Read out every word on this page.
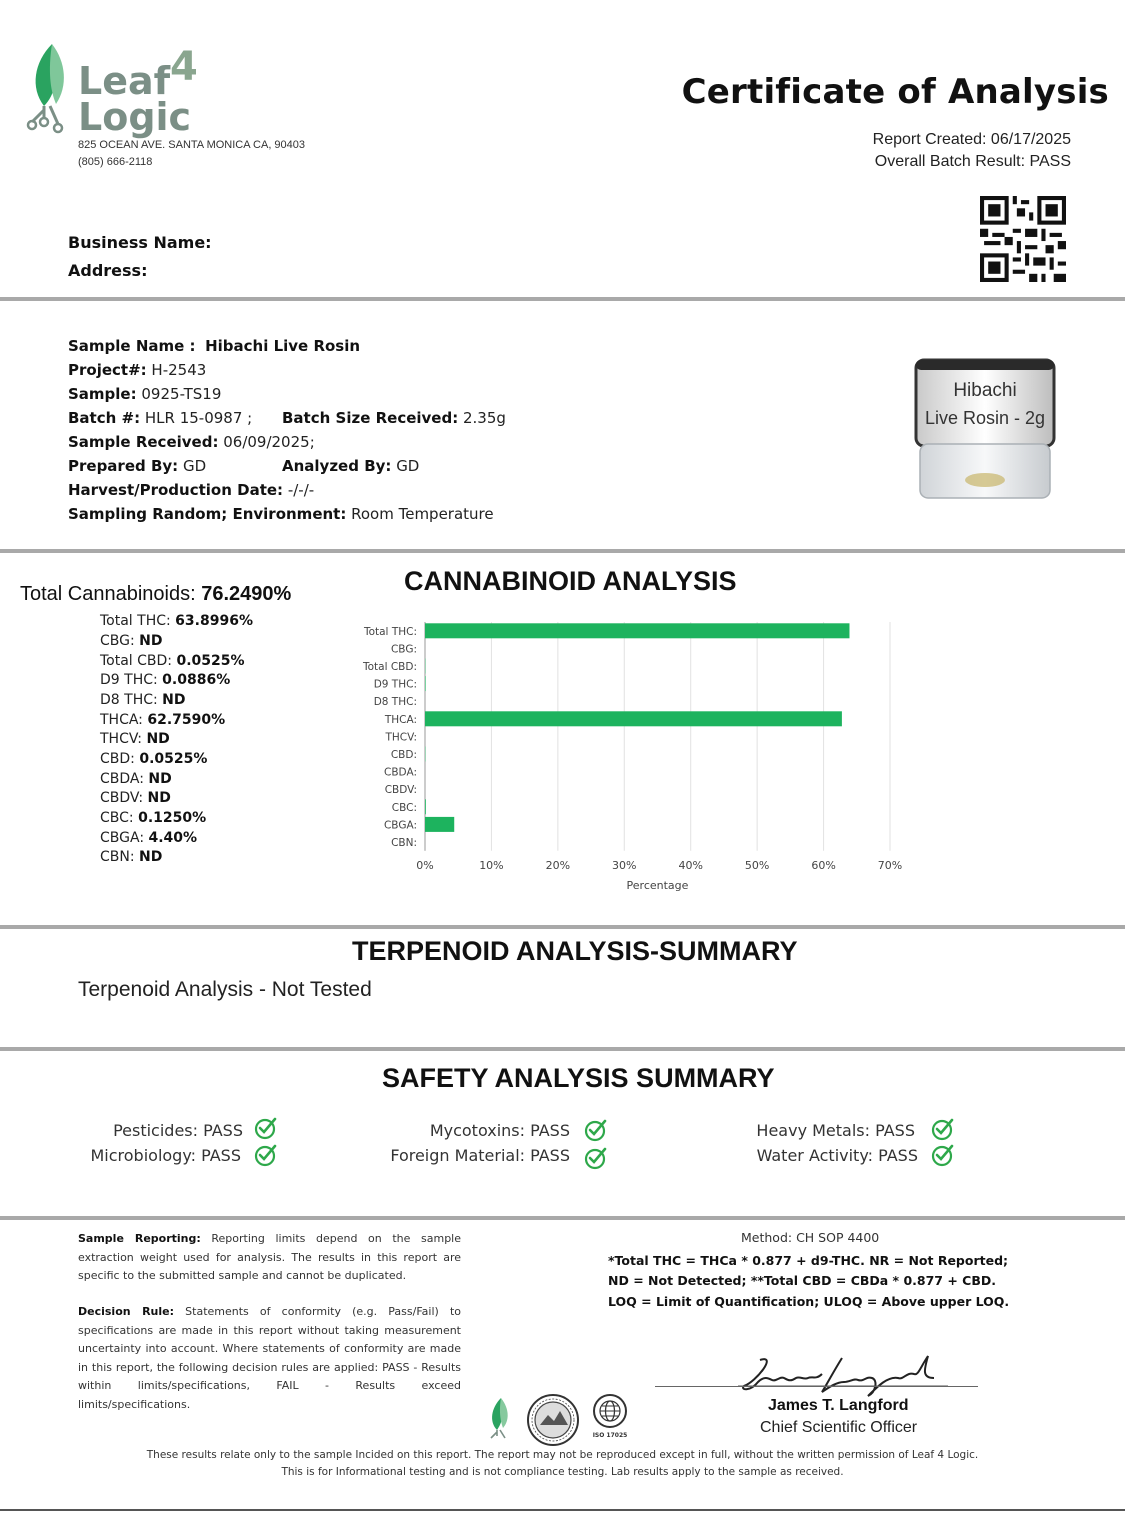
Leaf 4
Logic
825 OCEAN AVE. SANTA MONICA CA, 90403
(805) 666-2118
Certificate of Analysis
Report Created: 06/17/2025
Overall Batch Result: PASS
Business Name:
Address:
Sample Name : Hibachi Live Rosin
Project#: H-2543
Sample: 0925-TS19
Batch #: HLR 15-0987 ; Batch Size Received: 2.35g
Sample Received: 06/09/2025;
Prepared By: GD	Analyzed By: GD
Harvest/Production Date: -/-/-
Sampling Random; Environment: Room Temperature
Hibachi
Live Rosin - 2g
Total Cannabinoids: 76.2490%	CANNABINOID ANALYSIS
Total THC: 63.8996%
CBG: ND
Total CBD: 0.0525%
D9 THC: 0.0886%
D8 THC: ND
THCA: 62.7590%
THCV: ND
CBD: 0.0525%
CBDA: ND
CBDV: ND
CBC: 0.1250%
CBGA: 4.40%
CBN: ND
0%	10%	20%	30%	40%	50%	60%	70%
Total THC:
CBG:
Total CBD:
D9 THC:
D8 THC:
THCA:
THCV:
CBD:
CBDA:
CBDV:
CBC:
CBGA:
CBN:
Percentage
TERPENOID ANALYSIS-SUMMARY
Terpenoid Analysis - Not Tested
SAFETY ANALYSIS SUMMARY
Pesticides: PASS
Microbiology: PASS
Mycotoxins: PASS
Foreign Material: PASS
Heavy Metals: PASS
Water Activity: PASS
Sample Reporting: Reporting limits depend on the sample extraction weight used for analysis. The results in this report are specific to the submitted sample and cannot be duplicated.
Decision Rule: Statements of conformity (e.g. Pass/Fail) to specifications are made in this report without taking measurement uncertainty into account. Where statements of conformity are made in this report, the following decision rules are applied: PASS - Results within limits/specifications, FAIL - Results exceed limits/specifications.
Method: CH SOP 4400
*Total THC = THCa * 0.877 + d9-THC. NR = Not Reported;
ND = Not Detected; **Total CBD = CBDa * 0.877 + CBD.
LOQ = Limit of Quantification; ULOQ = Above upper LOQ.
James T. Langford
Chief Scientific Officer
ISO 17025
These results relate only to the sample Incided on this report. The report may not be reproduced except in full, without the written permission of Leaf 4 Logic.
This is for Informational testing and is not compliance testing. Lab results apply to the sample as received.
